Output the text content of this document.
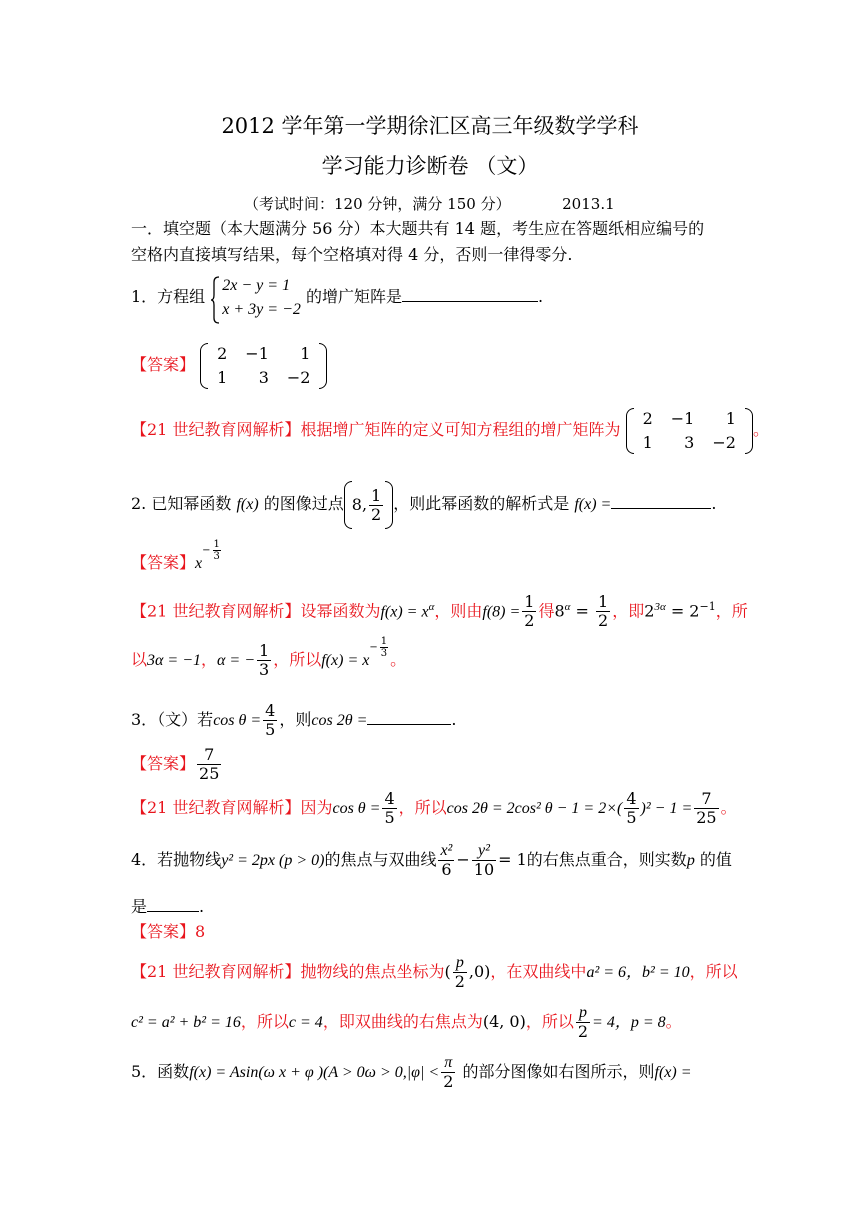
2012 学年第一学期徐汇区高三年级数学学科
学习能力诊断卷 （文）
（考试时间：120 分钟，满分 150 分）	2013.1
一．填空题（本大题满分 56 分）本大题共有 14 题，考生应在答题纸相应编号的
空格内直接填写结果，每个空格填对得 4 分，否则一律得零分.
1．方程组
2x − y = 1
x + 3y = −2
的增广矩阵是	.
【答案】
2	−1	1
1	3	−2
【21 世纪教育网解析】根据增广矩阵的定义可知方程组的增广矩阵为
2	−1	1
1	3	−2
。
2. 已知幂函数 f(x) 的图像过点 8, $\frac{1}{2}$ ，则此幂函数的解析式是 f(x) =	.
【答案】$x- \frac{1}{3}$
【21 世纪教育网解析】设幂函数为$f(x) = x^\alpha$，则由$f(8) = \frac{1}{2}$ 得$8^\alpha = \frac{1}{2}$ ，即$2^{3\alpha} = 2^{-1}$，所
以3α = −1，α = − $\frac{1}{3}$ ，所以$f(x) = x- \frac{1}{3}$
。
3．（文）若$\cos \theta = \frac{4}{5}$ ，则cos 2θ =	.
【答案】 $\frac{7}{25}$
【21 世纪教育网解析】因为$\cos \theta = \frac{4}{5}$ ，所以cos 2θ = 2cos² $\theta - 1 = 2\times( \frac{4}{5} )^2 - 1 = \frac{7}{25}$ 。
4．若抛物线y² = 2px (p > 0)的焦点与双曲线 $\frac{\text{x²}}{6} - \frac{\text{y²}}{10} = 1$的右焦点重合，则实数p 的值
是	.
【答案】8
【21 世纪教育网解析】抛物线的焦点坐标为( $\frac{p}{2} ,0$)，在双曲线中a² = 6，b² = 10，所以
c² = a² + b² = 16，所以c = 4，即双曲线的右焦点为(4, 0)，所以 $\frac{p}{2} = 4$，p = 8。
5．函数f(x) = Asin(ω x + φ )($A > 0\omega > 0,|\varphi| < \frac{\pi}{2}$ 的部分图像如右图所示，则f(x) =
